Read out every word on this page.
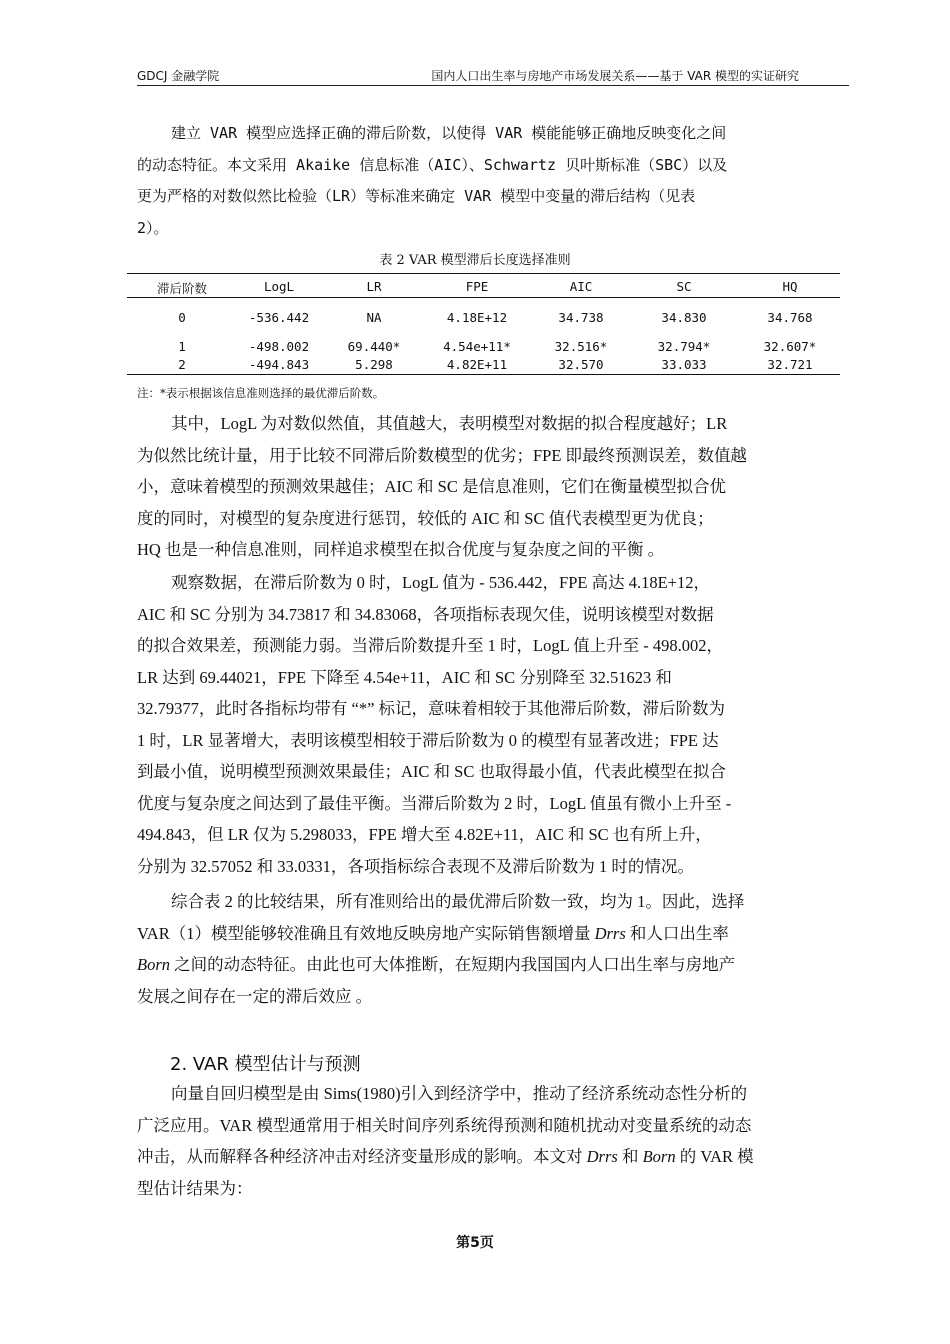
GDCJ 金融学院	国内人口出生率与房地产市场发展关系——基于 VAR 模型的实证研究
建立 VAR 模型应选择正确的滞后阶数，以使得 VAR 模能能够正确地反映变化之间
的动态特征。本文采用 Akaike 信息标准（AIC）、Schwartz 贝叶斯标准（SBC）以及
更为严格的对数似然比检验（LR）等标准来确定 VAR 模型中变量的滞后结构（见表
2）。
表 2 VAR 模型滞后长度选择准则
滞后阶数	LogL	LR	FPE	AIC	SC	HQ
0	-536.442	NA	4.18E+12	34.738	34.830	34.768
1	-498.002	69.440*	4.54e+11*	32.516*	32.794*	32.607*
2	-494.843	5.298	4.82E+11	32.570	33.033	32.721
注：*表示根据该信息准则选择的最优滞后阶数。
其中，LogL 为对数似然值，其值越大，表明模型对数据的拟合程度越好；LR
为似然比统计量，用于比较不同滞后阶数模型的优劣；FPE 即最终预测误差，数值越
小，意味着模型的预测效果越佳；AIC 和 SC 是信息准则，它们在衡量模型拟合优
度的同时，对模型的复杂度进行惩罚，较低的 AIC 和 SC 值代表模型更为优良；
HQ 也是一种信息准则，同样追求模型在拟合优度与复杂度之间的平衡 。
观察数据，在滞后阶数为 0 时，LogL 值为 - 536.442，FPE 高达 4.18E+12，
AIC 和 SC 分别为 34.73817 和 34.83068，各项指标表现欠佳，说明该模型对数据
的拟合效果差，预测能力弱。当滞后阶数提升至 1 时，LogL 值上升至 - 498.002，
LR 达到 69.44021，FPE 下降至 4.54e+11，AIC 和 SC 分别降至 32.51623 和
32.79377，此时各指标均带有 “*” 标记，意味着相较于其他滞后阶数，滞后阶数为
1 时，LR 显著增大，表明该模型相较于滞后阶数为 0 的模型有显著改进；FPE 达
到最小值，说明模型预测效果最佳；AIC 和 SC 也取得最小值，代表此模型在拟合
优度与复杂度之间达到了最佳平衡。当滞后阶数为 2 时，LogL 值虽有微小上升至 -
494.843，但 LR 仅为 5.298033，FPE 增大至 4.82E+11，AIC 和 SC 也有所上升，
分别为 32.57052 和 33.0331，各项指标综合表现不及滞后阶数为 1 时的情况。
综合表 2 的比较结果，所有准则给出的最优滞后阶数一致，均为 1。因此，选择
VAR（1）模型能够较准确且有效地反映房地产实际销售额增量 Drrs 和人口出生率
Born 之间的动态特征。由此也可大体推断，在短期内我国国内人口出生率与房地产
发展之间存在一定的滞后效应 。
2. VAR 模型估计与预测
向量自回归模型是由 Sims(1980)引入到经济学中，推动了经济系统动态性分析的
广泛应用。VAR 模型通常用于相关时间序列系统得预测和随机扰动对变量系统的动态
冲击，从而解释各种经济冲击对经济变量形成的影响。本文对 Drrs 和 Born 的 VAR 模
型估计结果为：
第5页
